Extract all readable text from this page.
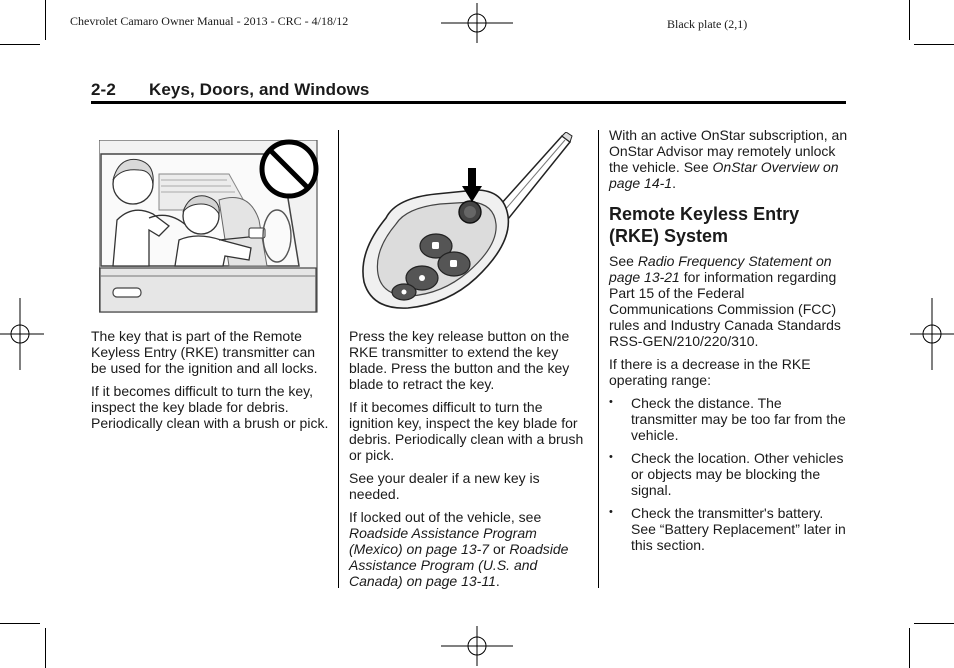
Chevrolet Camaro Owner Manual - 2013 - CRC - 4/18/12	Black plate (2,1)
2-2 Keys, Doors, and Windows

The key that is part of the Remote Keyless Entry (RKE) transmitter can be used for the ignition and all locks.

If it becomes difficult to turn the key, inspect the key blade for debris. Periodically clean with a brush or pick.

Press the key release button on the RKE transmitter to extend the key blade. Press the button and the key blade to retract the key.

If it becomes difficult to turn the ignition key, inspect the key blade for debris. Periodically clean with a brush or pick.

See your dealer if a new key is needed.

If locked out of the vehicle, see Roadside Assistance Program (Mexico) on page 13-7 or Roadside Assistance Program (U.S. and Canada) on page 13-11.

With an active OnStar subscription, an OnStar Advisor may remotely unlock the vehicle. See OnStar Overview on page 14-1.

Remote Keyless Entry (RKE) System

See Radio Frequency Statement on page 13-21 for information regarding Part 15 of the Federal Communications Commission (FCC) rules and Industry Canada Standards RSS-GEN/210/220/310.

If there is a decrease in the RKE operating range:

• Check the distance. The transmitter may be too far from the vehicle.
• Check the location. Other vehicles or objects may be blocking the signal.
• Check the transmitter's battery. See “Battery Replacement” later in this section.
